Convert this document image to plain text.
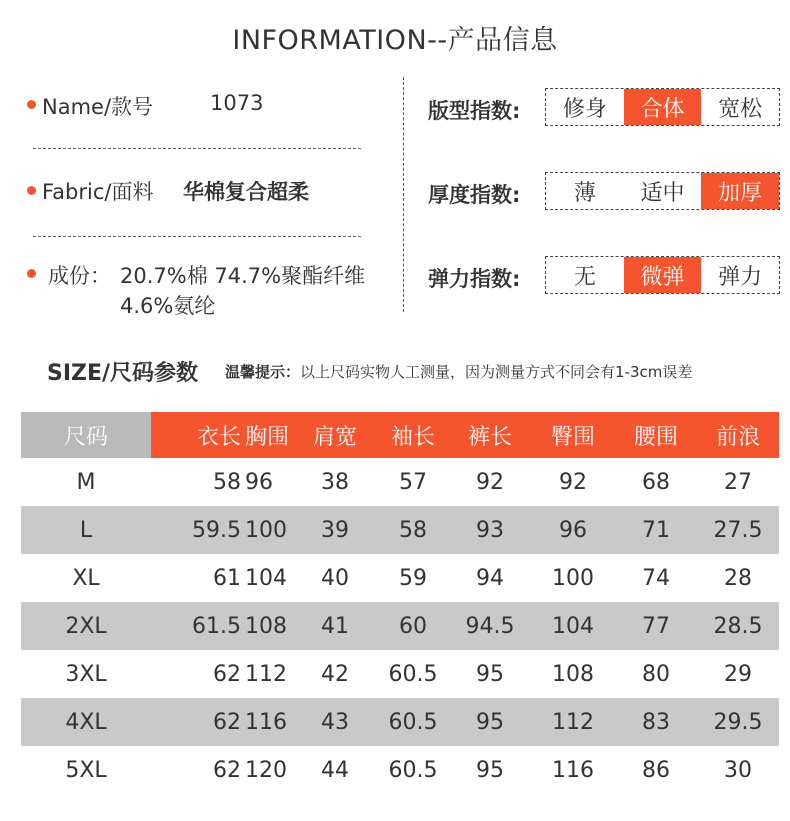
INFORMATION--产品信息
Name/款号	1073
Fabric/面料 华棉复合超柔
成份： 20.7%棉 74.7%聚酯纤维
4.6%氨纶
版型指数:	修身	合体	宽松
厚度指数:	薄	适中	加厚
弹力指数:	无	微弹	弹力
SIZE/尺码参数 温馨提示：以上尺码实物人工测量，因为测量方式不同会有1-3cm误差
尺码	衣长	胸围	肩宽	袖长	裤长	臀围	腰围	前浪
M	58	96	38	57	92	92	68	27
L	59.5	100	39	58	93	96	71	27.5
XL	61	104	40	59	94	100	74	28
2XL	61.5	108	41	60	94.5	104	77	28.5
3XL	62	112	42	60.5	95	108	80	29
4XL	62	116	43	60.5	95	112	83	29.5
5XL	62	120	44	60.5	95	116	86	30
